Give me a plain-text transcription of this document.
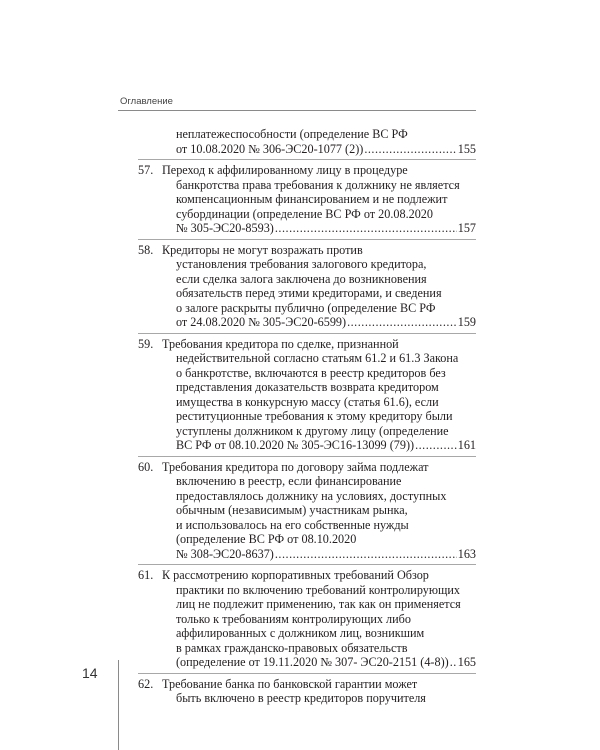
Оглавление
неплатежеспособности (определение ВС РФ
от 10.08.2020 № 306-ЭС20-1077 (2)) .....	155
57. Переход к аффилированному лицу в процедуре
банкротства права требования к должнику не является
компенсационным финансированием и не подлежит
субординации (определение ВС РФ от 20.08.2020
№ 305-ЭС20-8593) .....	157
58. Кредиторы не могут возражать против
установления требования залогового кредитора,
если сделка залога заключена до возникновения
обязательств перед этими кредиторами, и сведения
о залоге раскрыты публично (определение ВС РФ
от 24.08.2020 № 305-ЭС20-6599) .....	159
59. Требования кредитора по сделке, признанной
недействительной согласно статьям 61.2 и 61.3 Закона
о банкротстве, включаются в реестр кредиторов без
представления доказательств возврата кредитором
имущества в конкурсную массу (статья 61.6), если
реституционные требования к этому кредитору были
уступлены должником к другому лицу (определение
ВС РФ от 08.10.2020 № 305-ЭС16-13099 (79)) .....	161
60. Требования кредитора по договору займа подлежат
включению в реестр, если финансирование
предоставлялось должнику на условиях, доступных
обычным (независимым) участникам рынка,
и использовалось на его собственные нужды
(определение ВС РФ от 08.10.2020
№ 308-ЭС20-8637) .....	163
61. К рассмотрению корпоративных требований Обзор
практики по включению требований контролирующих
лиц не подлежит применению, так как он применяется
только к требованиям контролирующих либо
аффилированных с должником лиц, возникшим
в рамках гражданско-правовых обязательств
(определение от 19.11.2020 № 307- ЭС20-2151 (4-8)) ..... 165
62. Требование банка по банковской гарантии может
быть включено в реестр кредиторов поручителя
14
